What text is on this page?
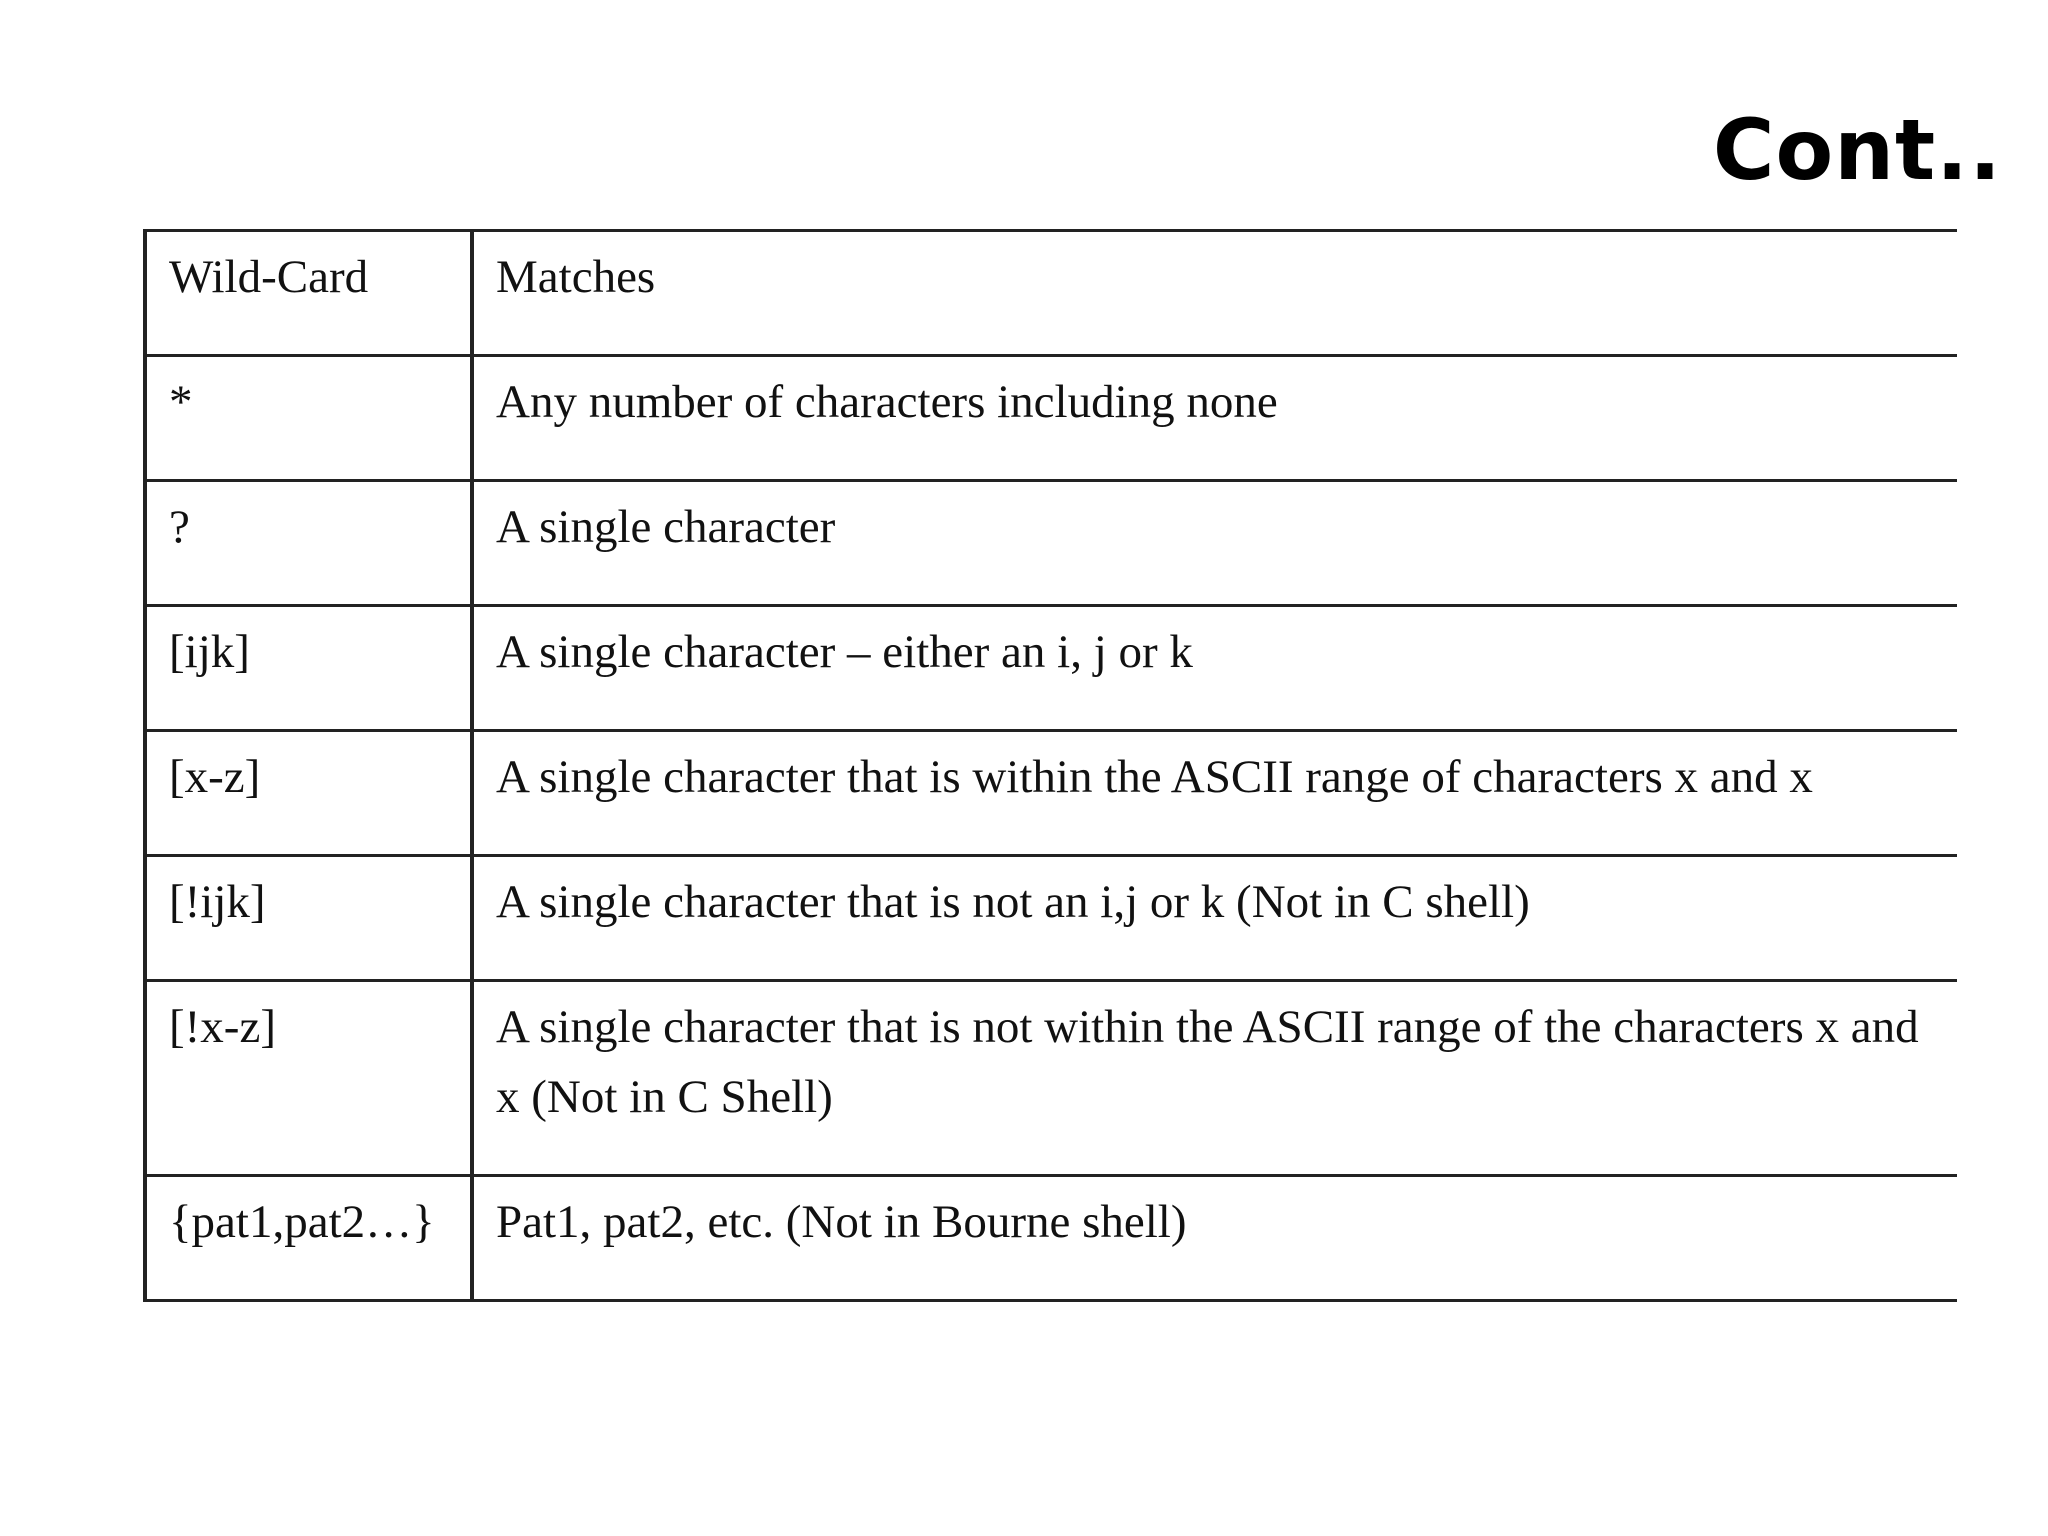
Cont..
Wild-Card	Matches
*	Any number of characters including none
?	A single character
[ijk]	A single character – either an i, j or k
[x-z]	A single character that is within the ASCII range of characters x and x
[!ijk]	A single character that is not an i,j or k (Not in C shell)
[!x-z]	A single character that is not within the ASCII range of the characters x and x (Not in C Shell)
{pat1,pat2…}	Pat1, pat2, etc. (Not in Bourne shell)
